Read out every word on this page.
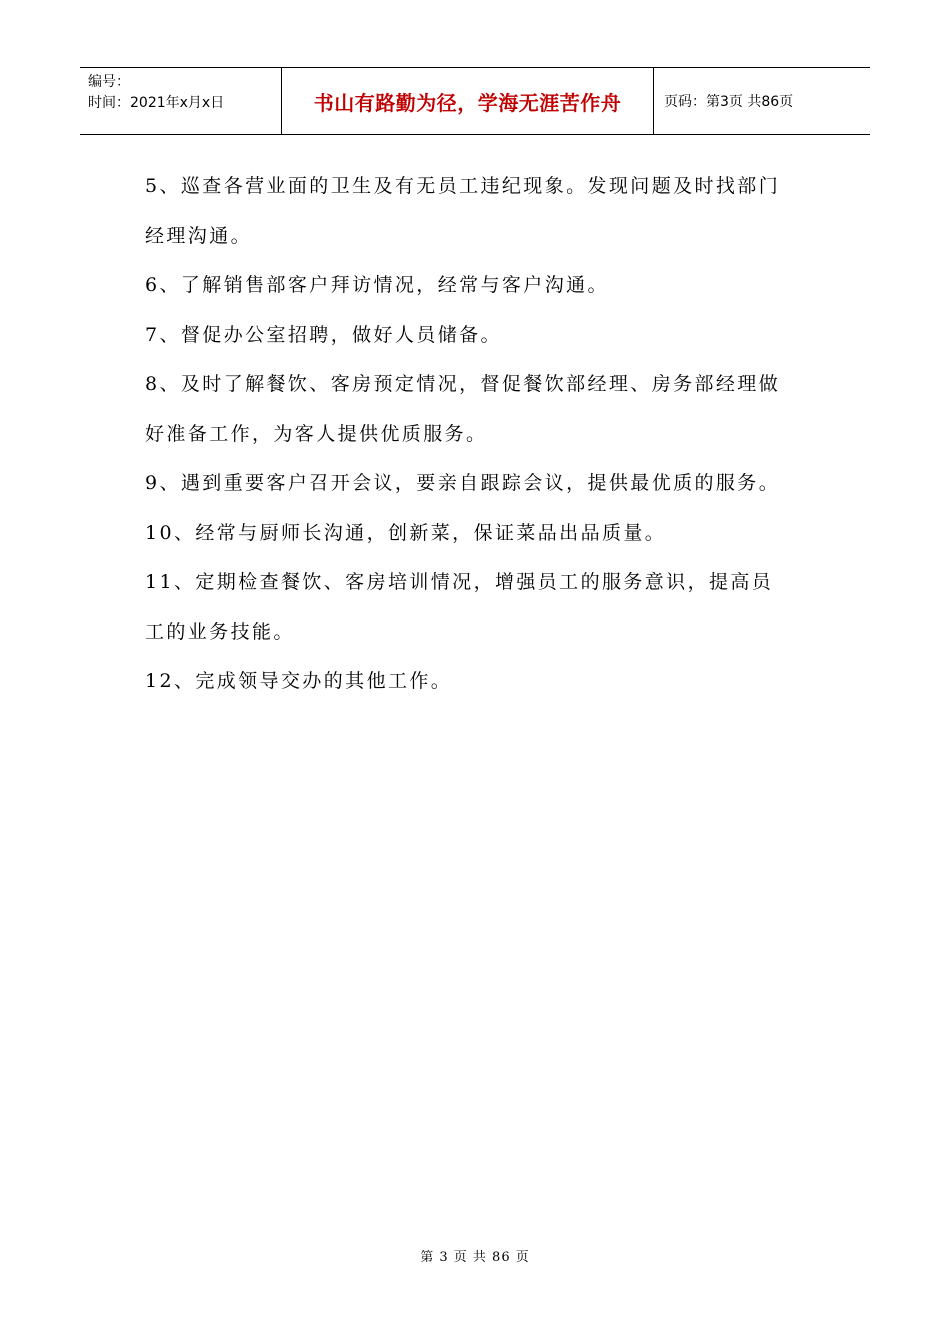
编号：
时间：2021年x月x日	书山有路勤为径，学海无涯苦作舟	页码：第3页 共86页

5、巡查各营业面的卫生及有无员工违纪现象。发现问题及时找部门

经理沟通。

6、了解销售部客户拜访情况，经常与客户沟通。

7、督促办公室招聘，做好人员储备。

8、及时了解餐饮、客房预定情况，督促餐饮部经理、房务部经理做

好准备工作，为客人提供优质服务。

9、遇到重要客户召开会议，要亲自跟踪会议，提供最优质的服务。

10、经常与厨师长沟通，创新菜，保证菜品出品质量。

11、定期检查餐饮、客房培训情况，增强员工的服务意识，提高员

工的业务技能。

12、完成领导交办的其他工作。

第 3 页 共 86 页
